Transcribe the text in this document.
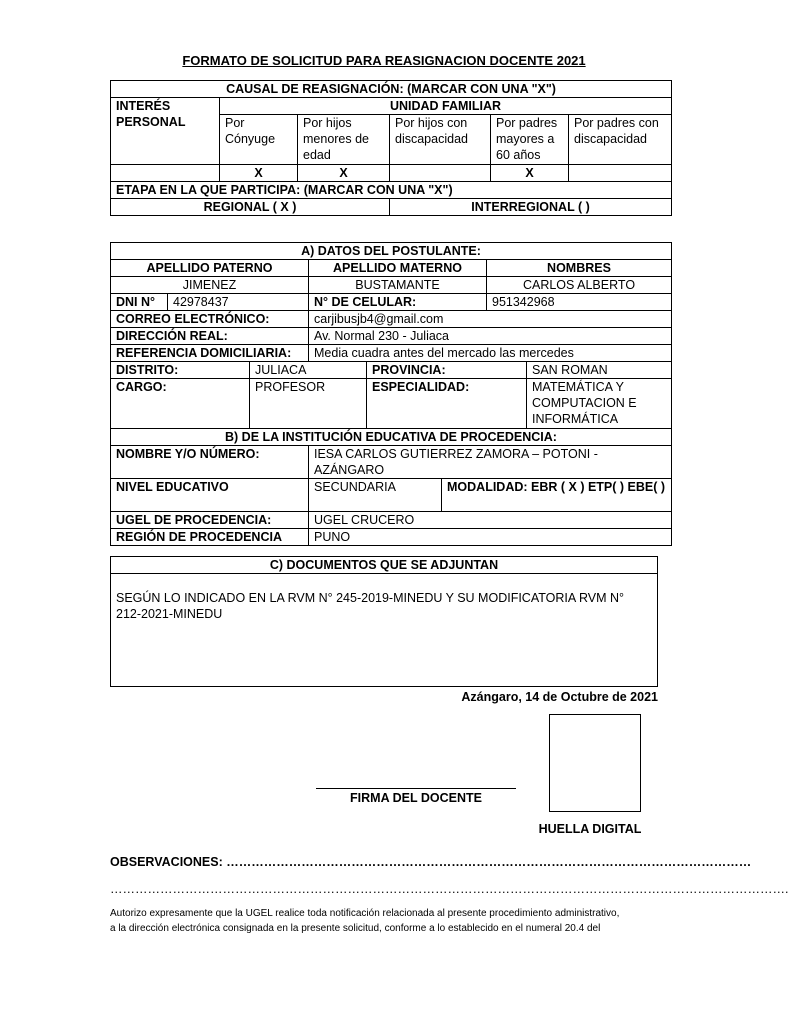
FORMATO DE SOLICITUD PARA REASIGNACION DOCENTE 2021
CAUSAL DE REASIGNACIÓN: (MARCAR CON UNA "X")					
INTERÉS PERSONAL	UNIDAD FAMILIAR				
	Por Cónyuge	Por hijos menores de edad	Por hijos con discapacidad	Por padres mayores a 60 años	Por padres con discapacidad
	X	X		X	
ETAPA EN LA QUE PARTICIPA: (MARCAR CON UNA "X")					
REGIONAL ( X )			INTERREGIONAL ( )		
A) DATOS DEL POSTULANTE:							
APELLIDO PATERNO			APELLIDO MATERNO			NOMBRES	
JIMENEZ			BUSTAMANTE			CARLOS ALBERTO	
DNI N°	42978437		N° DE CELULAR:			951342968	
CORREO ELECTRÓNICO:			carjibusjb4@gmail.com				
DIRECCIÓN REAL:			Av. Normal 230 - Juliaca				
REFERENCIA DOMICILIARIA:			Media cuadra antes del mercado las mercedes				
DISTRITO:		JULIACA		PROVINCIA:			SAN ROMAN
CARGO:		PROFESOR		ESPECIALIDAD:			MATEMÁTICA Y COMPUTACION E INFORMÁTICA
B) DE LA INSTITUCIÓN EDUCATIVA DE PROCEDENCIA:							
NOMBRE Y/O NÚMERO:			IESA CARLOS GUTIERREZ ZAMORA – POTONI - AZÁNGARO				
NIVEL EDUCATIVO			SECUNDARIA		MODALIDAD: EBR ( X ) ETP( ) EBE( )		
UGEL DE PROCEDENCIA:			UGEL CRUCERO				
REGIÓN DE PROCEDENCIA			PUNO				
C) DOCUMENTOS QUE SE ADJUNTAN
SEGÚN LO INDICADO EN LA RVM N° 245-2019-MINEDU Y SU MODIFICATORIA RVM N° 212-2021-MINEDU
Azángaro, 14 de Octubre de 2021
FIRMA DEL DOCENTE
HUELLA DIGITAL
OBSERVACIONES: ………………………………………………………………………………………………………………
……………………………………………………………………………………………………………………………………………….
Autorizo expresamente que la UGEL realice toda notificación relacionada al presente procedimiento administrativo,
a la dirección electrónica consignada en la presente solicitud, conforme a lo establecido en el numeral 20.4 del
